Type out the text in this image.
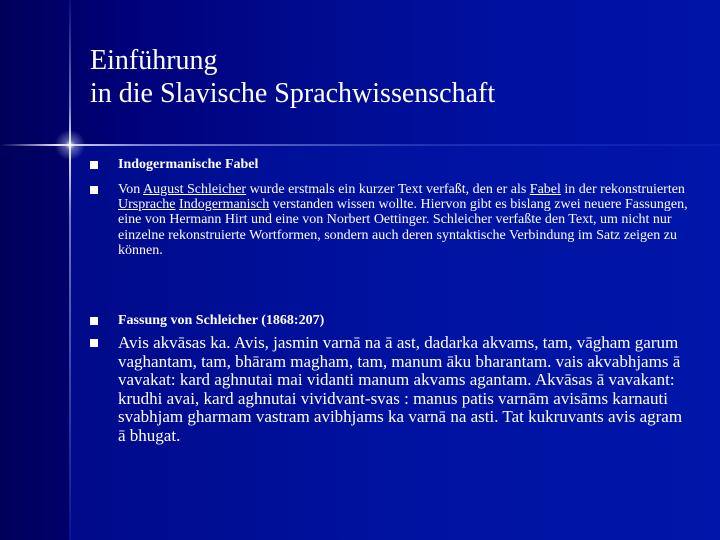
Einführung
in die Slavische Sprachwissenschaft
Indogermanische Fabel
Von August Schleicher wurde erstmals ein kurzer Text verfaßt, den er als Fabel in der rekonstruierten Ursprache Indogermanisch verstanden wissen wollte. Hiervon gibt es bislang zwei neuere Fassungen, eine von Hermann Hirt und eine von Norbert Oettinger. Schleicher verfaßte den Text, um nicht nur einzelne rekonstruierte Wortformen, sondern auch deren syntaktische Verbindung im Satz zeigen zu können.
Fassung von Schleicher (1868:207)
Avis akvāsas ka. Avis, jasmin varnā na ā ast, dadarka akvams, tam, vāgham garum vaghantam, tam, bhāram magham, tam, manum āku bharantam. vais akvabhjams ā vavakat: kard aghnutai mai vidanti manum akvams agantam. Akvāsas ā vavakant: krudhi avai, kard aghnutai vividvant-svas : manus patis varnām avisāms karnauti svabhjam gharmam vastram avibhjams ka varnā na asti. Tat kukruvants avis agram ā bhugat.
